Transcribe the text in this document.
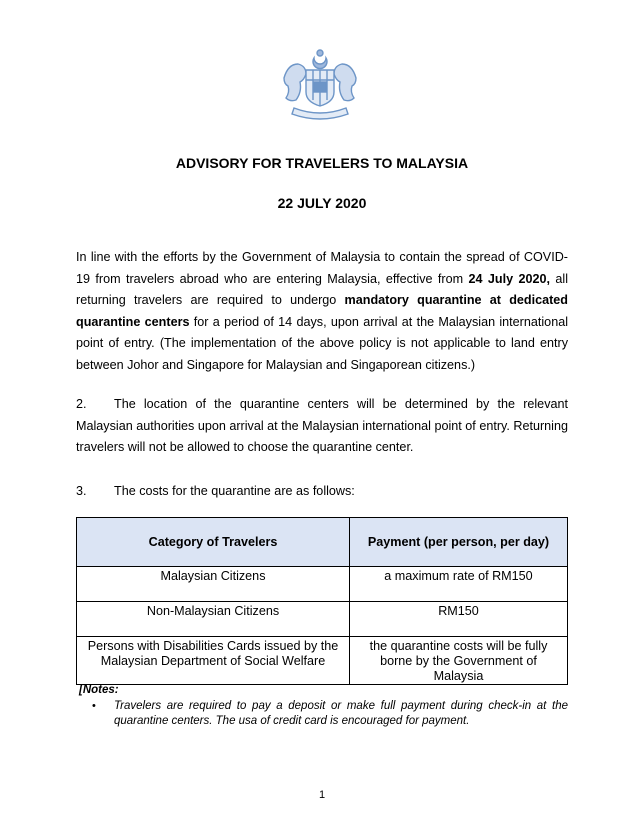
ADVISORY FOR TRAVELERS TO MALAYSIA
22 JULY 2020
In line with the efforts by the Government of Malaysia to contain the spread of COVID-19 from travelers abroad who are entering Malaysia, effective from 24 July 2020, all returning travelers are required to undergo mandatory quarantine at dedicated quarantine centers for a period of 14 days, upon arrival at the Malaysian international point of entry. (The implementation of the above policy is not applicable to land entry between Johor and Singapore for Malaysian and Singaporean citizens.)
2. The location of the quarantine centers will be determined by the relevant Malaysian authorities upon arrival at the Malaysian international point of entry. Returning travelers will not be allowed to choose the quarantine center.
3. The costs for the quarantine are as follows:
Category of Travelers	Payment (per person, per day)
Malaysian Citizens	a maximum rate of RM150
Non-Malaysian Citizens	RM150
Persons with Disabilities Cards issued by the Malaysian Department of Social Welfare	the quarantine costs will be fully borne by the Government of Malaysia
[Notes:
• Travelers are required to pay a deposit or make full payment during check-in at the quarantine centers. The usa of credit card is encouraged for payment.
1
